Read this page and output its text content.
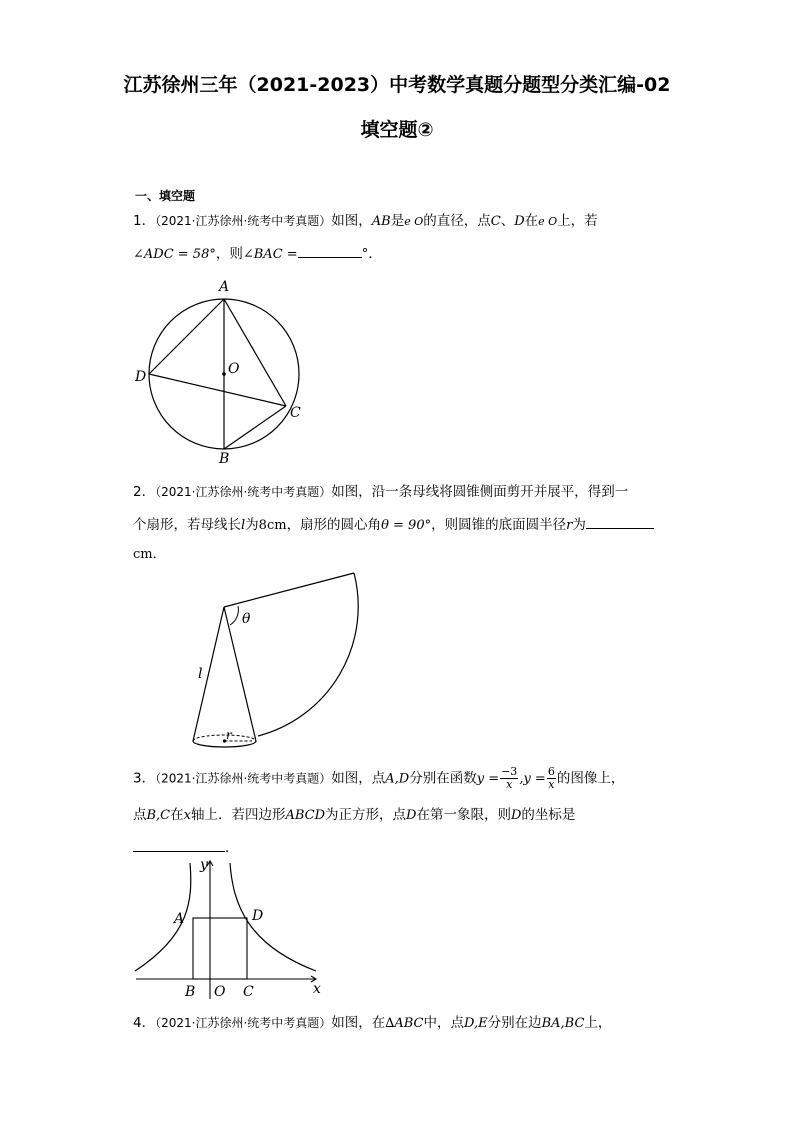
江苏徐州三年（2021-2023）中考数学真题分题型分类汇编-02
填空题②
一、填空题
1．（2021·江苏徐州·统考中考真题）如图，AB是e O的直径，点C、D在e O上，若
∠ADC = 58°，则∠BAC =	°．
A
B
C
D	O
2．（2021·江苏徐州·统考中考真题）如图，沿一条母线将圆锥侧面剪开并展平，得到一
个扇形，若母线长l为8cm，扇形的圆心角θ = 90°，则圆锥的底面圆半径r为
cm．
θ
l
r
3．（2021·江苏徐州·统考中考真题）如图，点A,D分别在函数$y = \frac{-3}{x} ,y = \frac{6}{x}$ 的图像上，
点B,C在x轴上．若四边形ABCD为正方形，点D在第一象限，则D的坐标是
．
A	D
B O C	x
y
4．（2021·江苏徐州·统考中考真题）如图，在∆ABC中，点D,E分别在边BA,BC上，
